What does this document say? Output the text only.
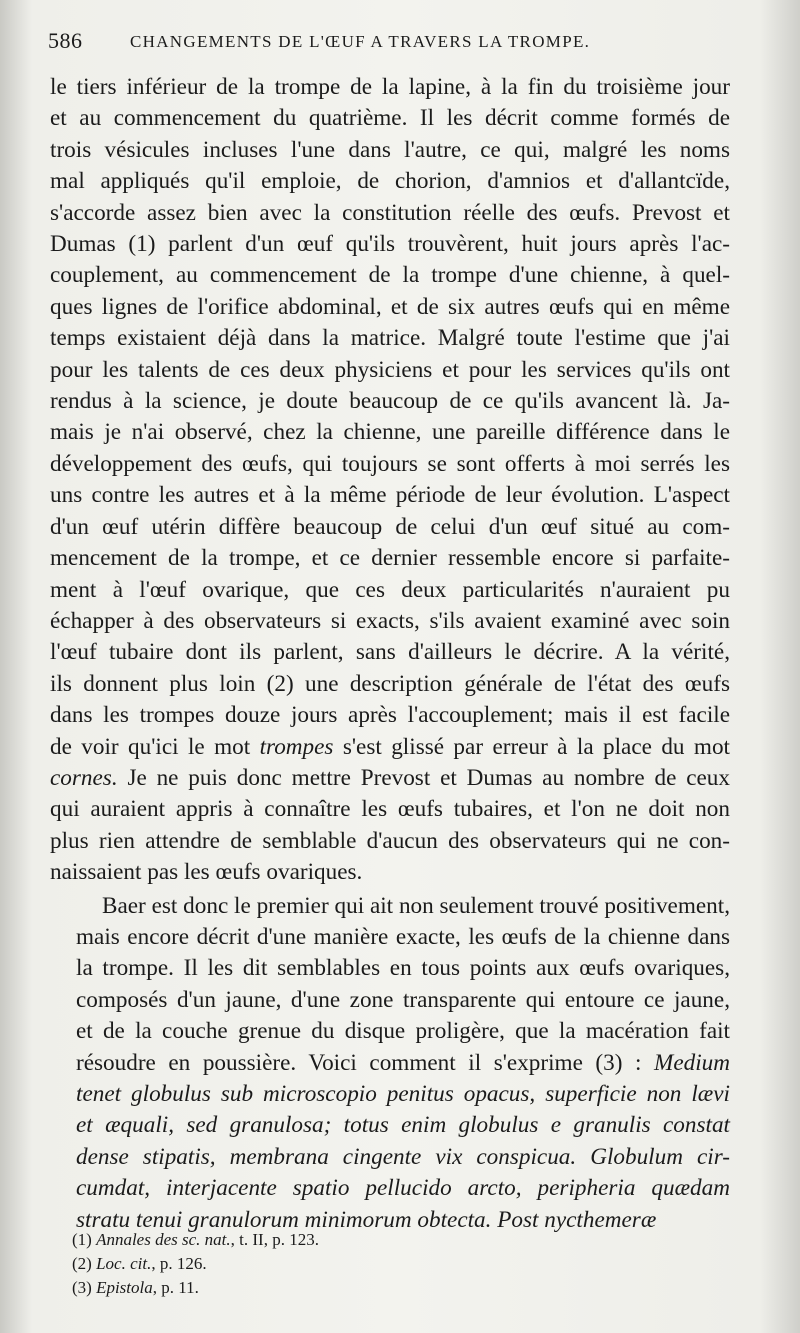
586	CHANGEMENTS DE L'ŒUF A TRAVERS LA TROMPE.
le tiers inférieur de la trompe de la lapine, à la fin du troisième jour
et au commencement du quatrième. Il les décrit comme formés de
trois vésicules incluses l'une dans l'autre, ce qui, malgré les noms
mal appliqués qu'il emploie, de chorion, d'amnios et d'allantcïde,
s'accorde assez bien avec la constitution réelle des œufs. Prevost et
Dumas (1) parlent d'un œuf qu'ils trouvèrent, huit jours après l'ac-
couplement, au commencement de la trompe d'une chienne, à quel-
ques lignes de l'orifice abdominal, et de six autres œufs qui en même
temps existaient déjà dans la matrice. Malgré toute l'estime que j'ai
pour les talents de ces deux physiciens et pour les services qu'ils ont
rendus à la science, je doute beaucoup de ce qu'ils avancent là. Ja-
mais je n'ai observé, chez la chienne, une pareille différence dans le
développement des œufs, qui toujours se sont offerts à moi serrés les
uns contre les autres et à la même période de leur évolution. L'aspect
d'un œuf utérin diffère beaucoup de celui d'un œuf situé au com-
mencement de la trompe, et ce dernier ressemble encore si parfaite-
ment à l'œuf ovarique, que ces deux particularités n'auraient pu
échapper à des observateurs si exacts, s'ils avaient examiné avec soin
l'œuf tubaire dont ils parlent, sans d'ailleurs le décrire. A la vérité,
ils donnent plus loin (2) une description générale de l'état des œufs
dans les trompes douze jours après l'accouplement; mais il est facile
de voir qu'ici le mot trompes s'est glissé par erreur à la place du mot
cornes. Je ne puis donc mettre Prevost et Dumas au nombre de ceux
qui auraient appris à connaître les œufs tubaires, et l'on ne doit non
plus rien attendre de semblable d'aucun des observateurs qui ne con-
naissaient pas les œufs ovariques.
Baer est donc le premier qui ait non seulement trouvé positivement,
mais encore décrit d'une manière exacte, les œufs de la chienne dans
la trompe. Il les dit semblables en tous points aux œufs ovariques,
composés d'un jaune, d'une zone transparente qui entoure ce jaune,
et de la couche grenue du disque proligère, que la macération fait
résoudre en poussière. Voici comment il s'exprime (3) : Medium
tenet globulus sub microscopio penitus opacus, superficie non lævi
et æquali, sed granulosa; totus enim globulus e granulis constat
dense stipatis, membrana cingente vix conspicua. Globulum cir-
cumdat, interjacente spatio pellucido arcto, peripheria quædam
stratu tenui granulorum minimorum obtecta. Post nycthemeræ
(1) Annales des sc. nat., t. II, p. 123.
(2) Loc. cit., p. 126.
(3) Epistola, p. 11.
